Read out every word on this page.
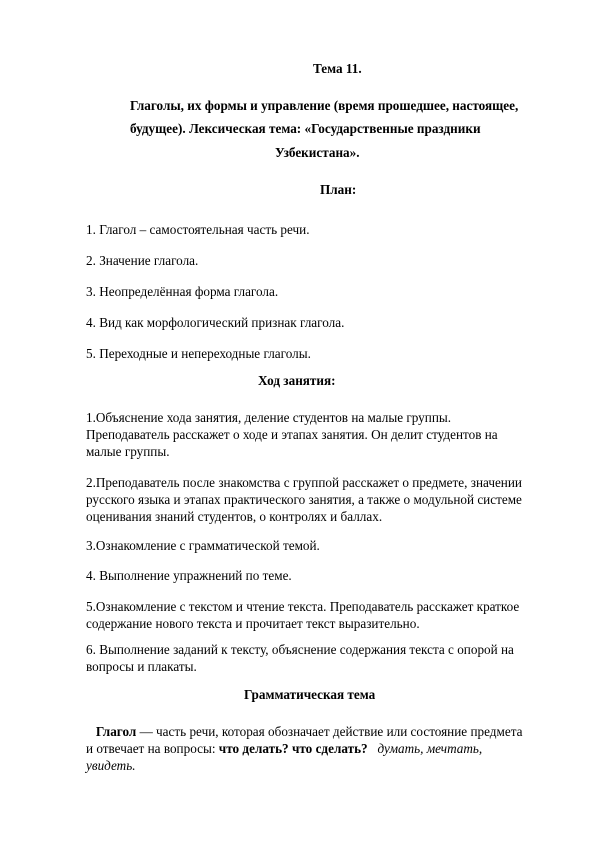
Тема 11.
Глаголы, их формы и управление (время прошедшее, настоящее,
будущее). Лексическая тема: «Государственные праздники
Узбекистана».
План:
1. Глагол – самостоятельная часть речи.
2. Значение глагола.
3. Неопределённая форма глагола.
4. Вид как морфологический признак глагола.
5. Переходные и непереходные глаголы.
Ход занятия:
1.Объяснение хода занятия, деление студентов на малые группы.
Преподаватель расскажет о ходе и этапах занятия. Он делит студентов на
малые группы.
2.Преподаватель после знакомства с группой расскажет о предмете, значении
русского языка и этапах практического занятия, а также о модульной системе
оценивания знаний студентов, о контролях и баллах.
3.Ознакомление с грамматической темой.
4. Выполнение упражнений по теме.
5.Ознакомление с текстом и чтение текста. Преподаватель расскажет краткое
содержание нового текста и прочитает текст выразительно.
6. Выполнение заданий к тексту, объяснение содержания текста с опорой на
вопросы и плакаты.
Грамматическая тема
Глагол — часть речи, которая обозначает действие или состояние предмета
и отвечает на вопросы: что делать? что сделать? думать, мечтать,
увидеть.
